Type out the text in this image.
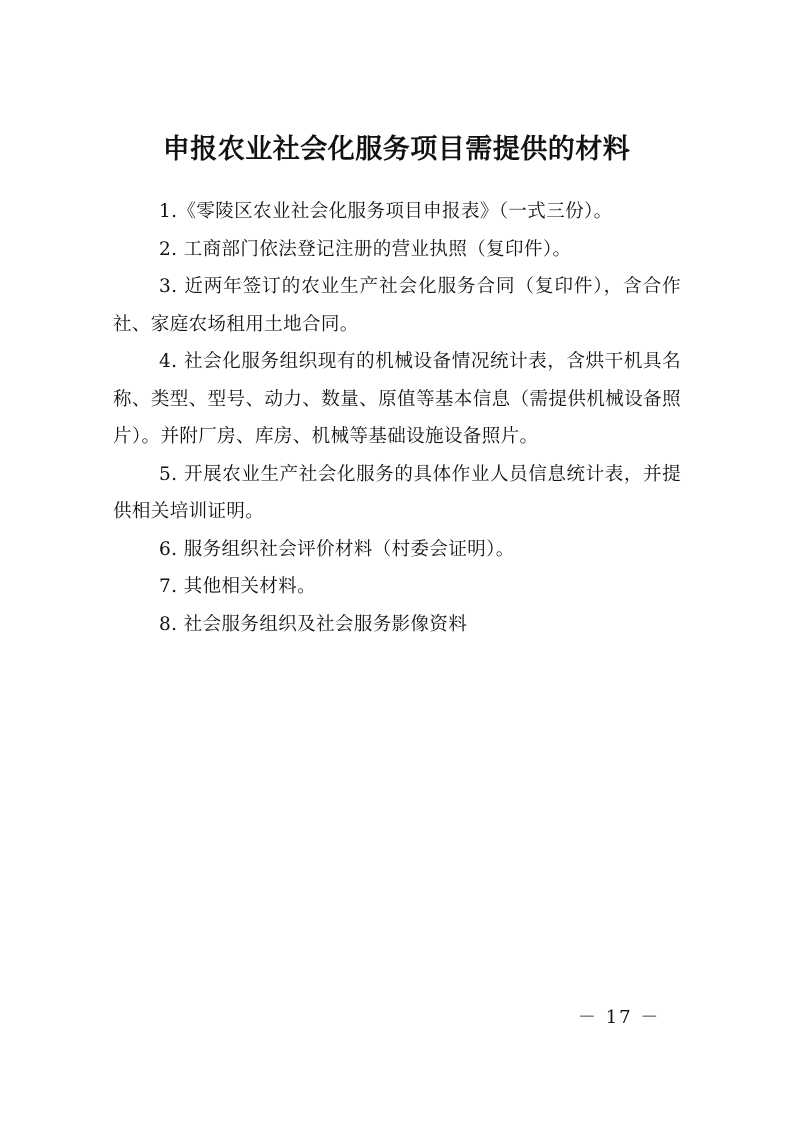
申报农业社会化服务项目需提供的材料

1.《零陵区农业社会化服务项目申报表》（一式三份）。

2. 工商部门依法登记注册的营业执照（复印件）。

3. 近两年签订的农业生产社会化服务合同（复印件），含合作社、家庭农场租用土地合同。

4. 社会化服务组织现有的机械设备情况统计表，含烘干机具名称、类型、型号、动力、数量、原值等基本信息（需提供机械设备照片）。并附厂房、库房、机械等基础设施设备照片。

5. 开展农业生产社会化服务的具体作业人员信息统计表，并提供相关培训证明。

6. 服务组织社会评价材料（村委会证明）。

7. 其他相关材料。

8. 社会服务组织及社会服务影像资料

－ 17 －
